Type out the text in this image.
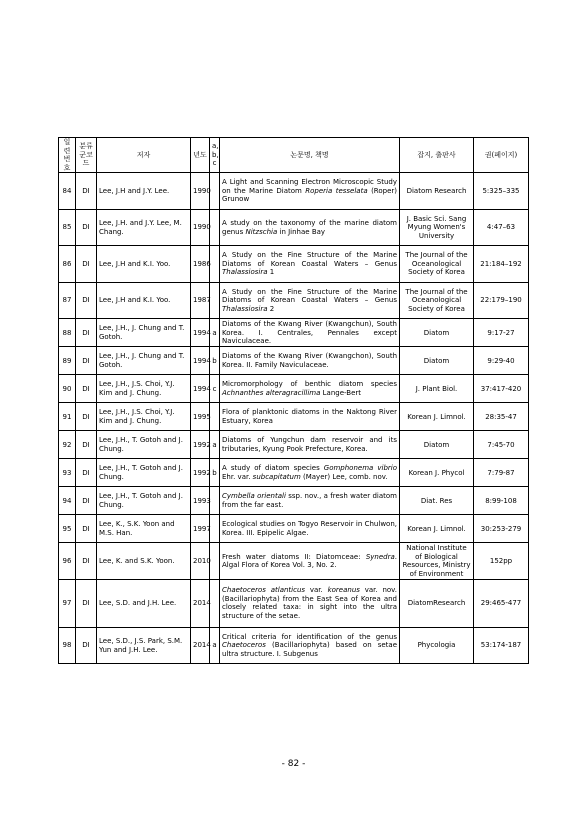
일련번호	분류군코드	저자	년도	a, b, c	논문명, 책명	잡지, 출판사	권(페이지)
84	DI	Lee, J.H and J.Y. Lee.	1990		A Light and Scanning Electron Microscopic Study on the Marine Diatom Roperia tesselata (Roper) Grunow	Diatom Research	5:325–335
85	DI	Lee, J.H. and J.Y. Lee, M. Chang.	1990		A study on the taxonomy of the marine diatom genus Nitzschia in Jinhae Bay	J. Basic Sci. Sang Myung Women's University	4:47–63
86	DI	Lee, J.H and K.I. Yoo.	1986		A Study on the Fine Structure of the Marine Diatoms of Korean Coastal Waters – Genus Thalassiosira 1	The Journal of the Oceanological Society of Korea	21:184–192
87	DI	Lee, J.H and K.I. Yoo.	1987		A Study on the Fine Structure of the Marine Diatoms of Korean Coastal Waters – Genus Thalassiosira 2	The Journal of the Oceanological Society of Korea	22:179–190
88	DI	Lee, J.H., J. Chung and T. Gotoh.	1994	a	Diatoms of the Kwang River (Kwangchun), South Korea. I. Centrales, Pennales except Naviculaceae.	Diatom	9:17-27
89	DI	Lee, J.H., J. Chung and T. Gotoh.	1994	b	Diatoms of the Kwang River (Kwangchon), South Korea. II. Family Naviculaceae.	Diatom	9:29-40
90	DI	Lee, J.H., J.S. Choi, Y.J. Kim and J. Chung.	1994	c	Micromorphology of benthic diatom species Achnanthes alteragracillima Lange-Bert	J. Plant Biol.	37:417-420
91	DI	Lee, J.H., J.S. Choi, Y.J. Kim and J. Chung.	1995		Flora of planktonic diatoms in the Naktong River Estuary, Korea	Korean J. Limnol.	28:35-47
92	DI	Lee, J.H., T. Gotoh and J. Chung.	1992	a	Diatoms of Yungchun dam reservoir and its tributaries, Kyung Pook Prefecture, Korea.	Diatom	7:45-70
93	DI	Lee, J.H., T. Gotoh and J. Chung.	1992	b	A study of diatom species Gomphonema vibrio Ehr. var. subcapitatum (Mayer) Lee, comb. nov.	Korean J. Phycol	7:79-87
94	DI	Lee, J.H., T. Gotoh and J. Chung.	1993		Cymbella orientali ssp. nov., a fresh water diatom from the far east.	Diat. Res	8:99-108
95	DI	Lee, K., S.K. Yoon and M.S. Han.	1997		Ecological studies on Togyo Reservoir in Chulwon, Korea. III. Epipelic Algae.	Korean J. Limnol.	30:253-279
96	DI	Lee, K. and S.K. Yoon.	2010		Fresh water diatoms II: Diatomceae: Synedra. Algal Flora of Korea Vol. 3, No. 2.	National Institute of Biological Resources, Ministry of Environment	152pp
97	DI	Lee, S.D. and J.H. Lee.	2014		Chaetoceros atlanticus var. koreanus var. nov. (Bacillariophyta) from the East Sea of Korea and closely related taxa: in sight into the ultra structure of the setae.	DiatomResearch	29:465-477
98	DI	Lee, S.D., J.S. Park, S.M. Yun and J.H. Lee.	2014	a	Critical criteria for identification of the genus Chaetoceros (Bacillariophyta) based on setae ultra structure. I. Subgenus	Phycologia	53:174-187
- 82 -
